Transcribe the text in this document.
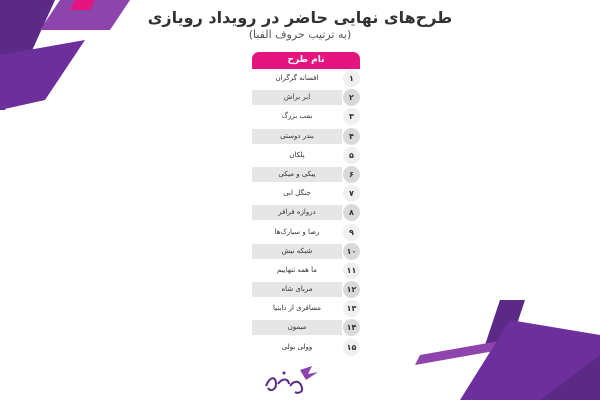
طرح‌های نهایی حاضر در رویداد رویازی
(به ترتیب حروف الفبا)
نام طرح
افسانه گرگران	۱
ابر براش	۲
بمب بزرگ	۳
بندر دوستی	۴
پلکان	۵
پیکی و میکی	۶
جنگل ابی	۷
دروازه فرافر	۸
رضا و سیارک‌ها	۹
شبکه نیش	۱۰
ما همه تنهاییم	۱۱
مربای شاه	۱۲
مسافری از داینیا	۱۳
میمون	۱۴
وولی بولی	۱۵
